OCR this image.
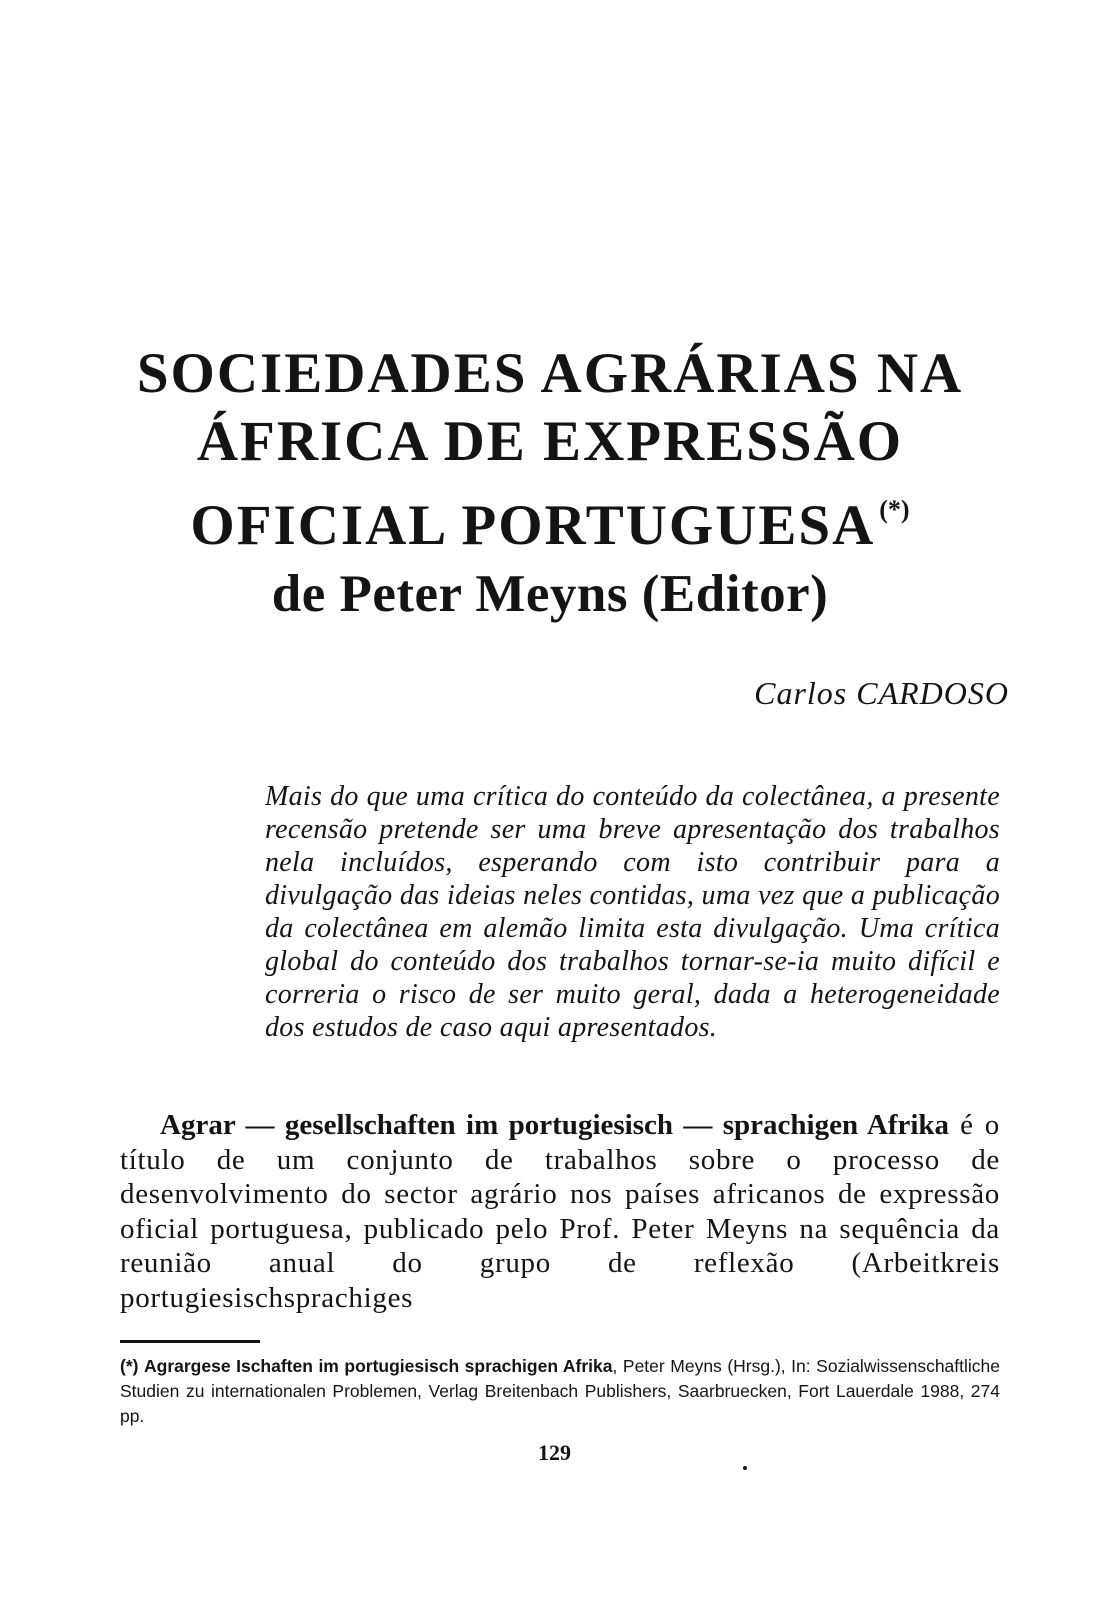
SOCIEDADES AGRÁRIAS NA
ÁFRICA DE EXPRESSÃO
OFICIAL PORTUGUESA (*)
de Peter Meyns (Editor)
Carlos CARDOSO
Mais do que uma crítica do conteúdo da colectânea, a presente recensão pretende ser uma breve apresentação dos trabalhos nela incluídos, esperando com isto contribuir para a divulgação das ideias neles contidas, uma vez que a publicação da colectânea em alemão limita esta divulgação. Uma crítica global do conteúdo dos trabalhos tornar-se-ia muito difícil e correria o risco de ser muito geral, dada a heterogeneidade dos estudos de caso aqui apresentados.

Agrar — gesellschaften im portugiesisch — sprachigen Afrika é o título de um conjunto de trabalhos sobre o processo de desenvolvimento do sector agrário nos países africanos de expressão oficial portuguesa, publicado pelo Prof. Peter Meyns na sequência da reunião anual do grupo de reflexão (Arbeitkreis portugiesischsprachiges

(*) Agrargese Ischaften im portugiesisch sprachigen Afrika, Peter Meyns (Hrsg.), In: Sozialwissenschaftliche Studien zu internationalen Problemen, Verlag Breitenbach Publishers, Saarbruecken, Fort Lauerdale 1988, 274 pp.
129
